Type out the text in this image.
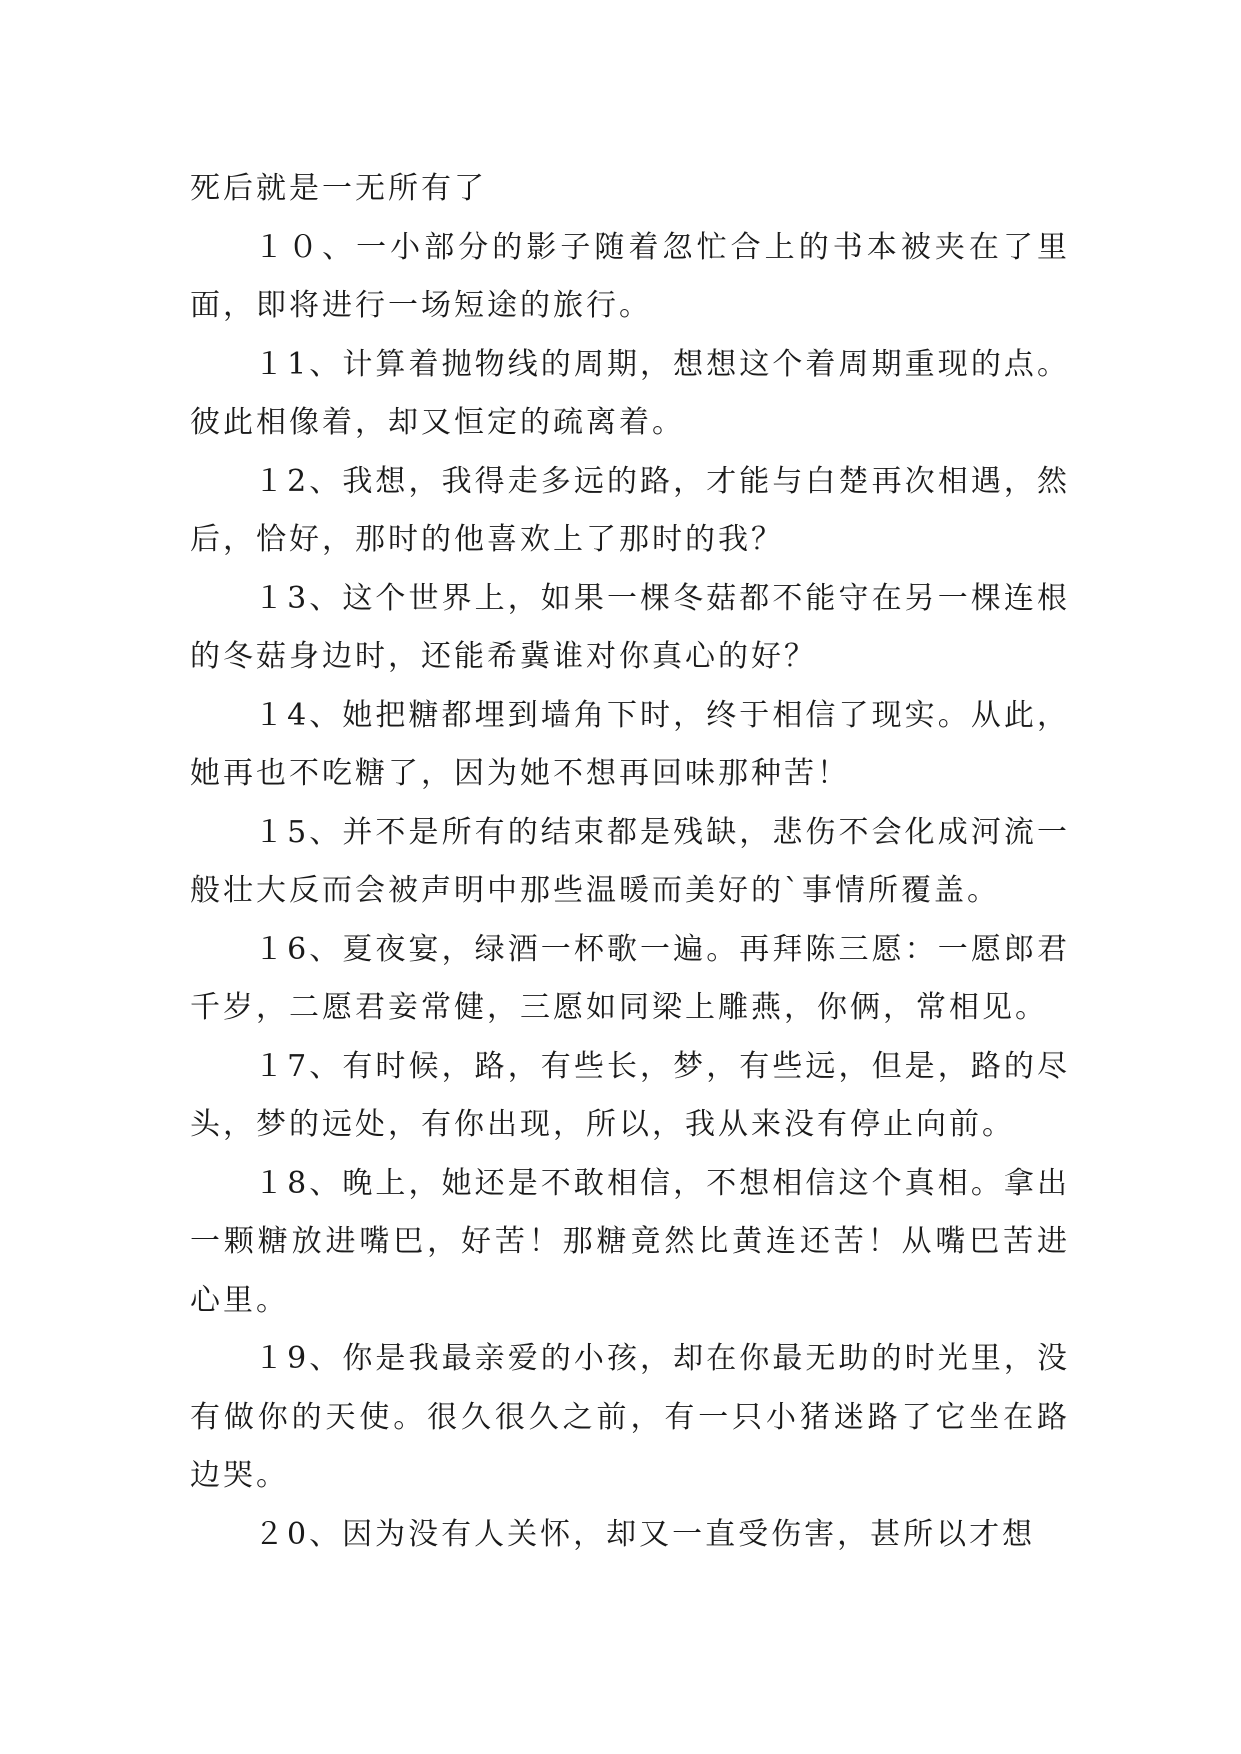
死后就是一无所有了

１０、一小部分的影子随着忽忙合上的书本被夹在了里面，即将进行一场短途的旅行。

１1、计算着抛物线的周期，想想这个着周期重现的点。彼此相像着，却又恒定的疏离着。

１2、我想，我得走多远的路，才能与白楚再次相遇，然后，恰好，那时的他喜欢上了那时的我？

１3、这个世界上，如果一棵冬菇都不能守在另一棵连根的冬菇身边时，还能希冀谁对你真心的好？

１4、她把糖都埋到墙角下时，终于相信了现实。从此，她再也不吃糖了，因为她不想再回味那种苦！

１5、并不是所有的结束都是残缺，悲伤不会化成河流一般壮大反而会被声明中那些温暖而美好的`事情所覆盖。

１6、夏夜宴，绿酒一杯歌一遍。再拜陈三愿：一愿郎君千岁，二愿君妾常健，三愿如同梁上雕燕，你俩，常相见。

１7、有时候，路，有些长，梦，有些远，但是，路的尽头，梦的远处，有你出现，所以，我从来没有停止向前。

１8、晚上，她还是不敢相信，不想相信这个真相。拿出一颗糖放进嘴巴，好苦！那糖竟然比黄连还苦！从嘴巴苦进心里。

１9、你是我最亲爱的小孩，却在你最无助的时光里，没有做你的天使。很久很久之前，有一只小猪迷路了它坐在路边哭。

２0、因为没有人关怀，却又一直受伤害，甚所以才想
